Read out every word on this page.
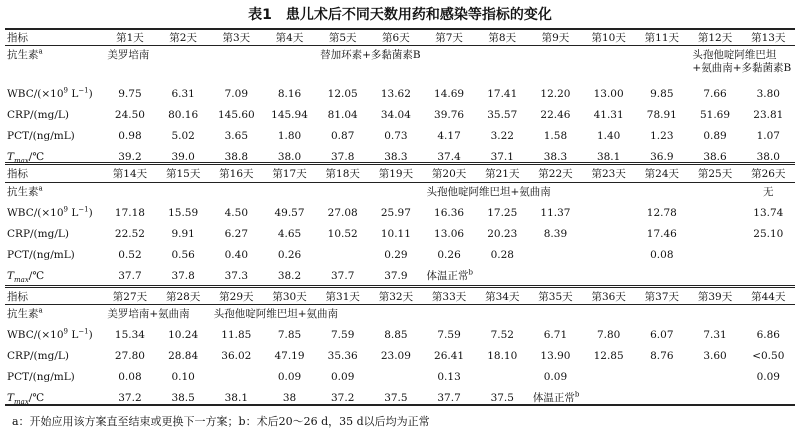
表1　患儿术后不同天数用药和感染等指标的变化
指标	第1天	第2天	第3天	第4天	第5天	第6天	第7天	第8天	第9天	第10天	第11天	第12天	第13天
抗生素$^a$	美罗培南				替加环素+多黏菌素B							头孢他啶阿维巴坦+氨曲南+多黏菌素B	
WBC/($\times 10^9$ $L^{-1}$)	9.75	6.31	7.09	8.16	12.05	13.62	14.69	17.41	12.20	13.00	9.85	7.66	3.80
CRP/(mg/L)	24.50	80.16	145.60	145.94	81.04	34.04	39.76	35.57	22.46	41.31	78.91	51.69	23.81
PCT/(ng/mL)	0.98	5.02	3.65	1.80	0.87	0.73	4.17	3.22	1.58	1.40	1.23	0.89	1.07
$T_{max}/℃$	39.2	39.0	38.8	38.0	37.8	38.3	37.4	37.1	38.3	38.1	36.9	38.6	38.0
指标	第14天	第15天	第16天	第17天	第18天	第19天	第20天	第21天	第22天	第23天	第24天	第25天	第26天
抗生素$^a$							头孢他啶阿维巴坦+氨曲南						无
WBC/($\times 10^9$ $L^{-1}$)	17.18	15.59	4.50	49.57	27.08	25.97	16.36	17.25	11.37		12.78		13.74
CRP/(mg/L)	22.52	9.91	6.27	4.65	10.52	10.11	13.06	20.23	8.39		17.46		25.10
PCT/(ng/mL)	0.52	0.56	0.40	0.26		0.29	0.26	0.28			0.08		
$T_{max}/℃$	37.7	37.8	37.3	38.2	37.7	37.9	体温正常$^b$	
指标	第27天	第28天	第29天	第30天	第31天	第32天	第33天	第34天	第35天	第36天	第37天	第39天	第44天
抗生素$^a$	美罗培南+氨曲南		头孢他啶阿维巴坦+氨曲南										
WBC/($\times 10^9$ $L^{-1}$)	15.34	10.24	11.85	7.85	7.59	8.85	7.59	7.52	6.71	7.80	6.07	7.31	6.86
CRP/(mg/L)	27.80	28.84	36.02	47.19	35.36	23.09	26.41	18.10	13.90	12.85	8.76	3.60	<0.50
PCT/(ng/mL)	0.08	0.10		0.09	0.09		0.13		0.09				0.09
$T_{max}/℃$	37.2	38.5	38.1	38	37.2	37.5	37.7	37.5	体温正常$^b$	
a：开始应用该方案直至结束或更换下一方案；b：术后20～26 d，35 d以后均为正常
